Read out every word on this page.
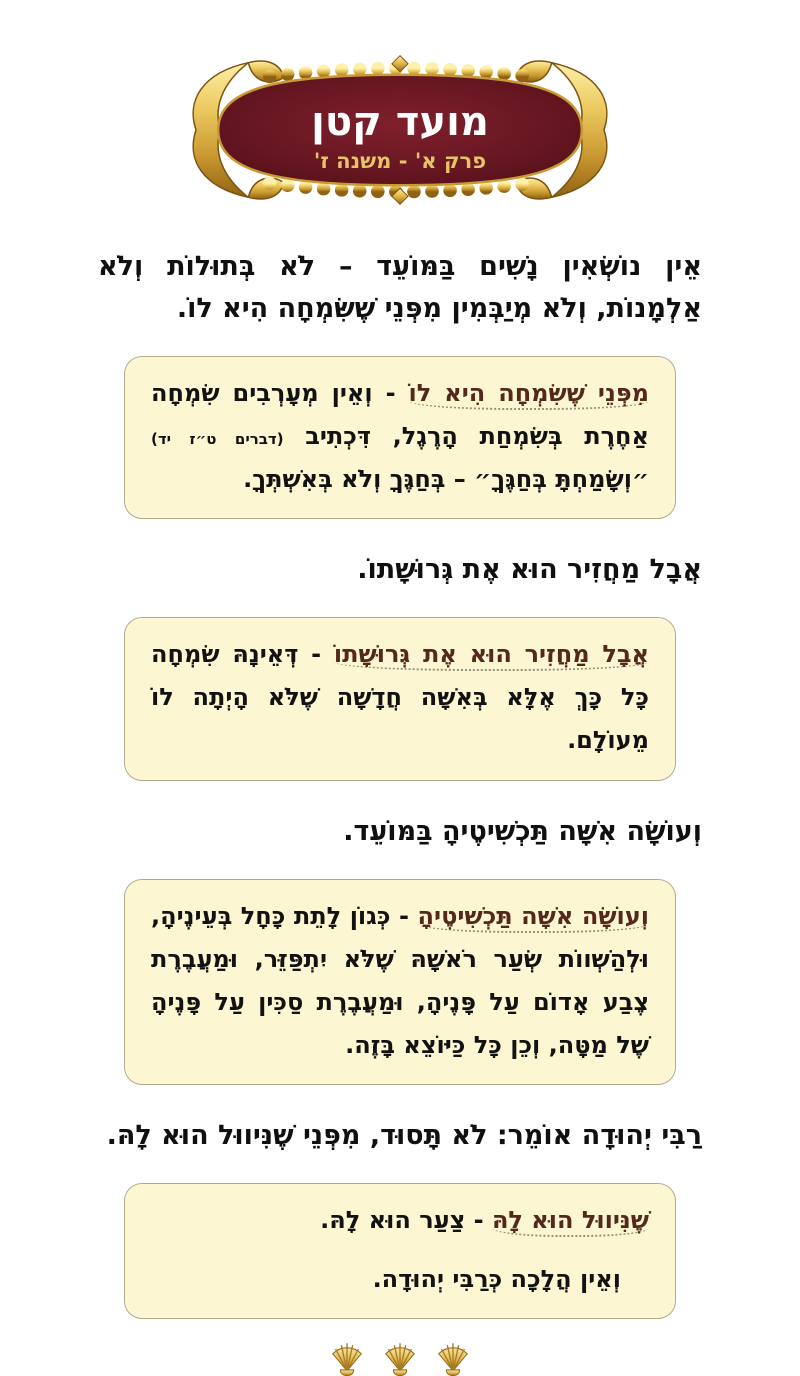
מועד קטן
פרק א' - משנה ז'

אֵין נוֹשְׂאִין נָשִׁים בַּמּוֹעֵד – לֹא בְּתוּלוֹת וְלֹא אַלְמָנוֹת, וְלֹא מְיַבְּמִין מִפְּנֵי שֶׁשִּׂמְחָה הִיא לוֹ.

מִפְּנֵי שֶׁשִּׂמְחָה הִיא לוֹ - וְאֵין מְעָרְבִים שִׂמְחָה אַחֶרֶת בְּשִׂמְחַת הָרֶגֶל, דִּכְתִיב (דברים ט״ז יד) ״וְשָׂמַחְתָּ בְּחַגֶּךָ״ – בְּחַגֶּךָ וְלֹא בְּאִשְׁתְּךָ.

אֲבָל מַחֲזִיר הוּא אֶת גְּרוּשָׁתוֹ.

אֲבָל מַחֲזִיר הוּא אֶת גְּרוּשָׁתוֹ - דְּאֵינָהּ שִׂמְחָה כָּל כָּךְ אֶלָּא בְּאִשָּׁה חֲדָשָׁה שֶׁלֹּא הָיְתָה לוֹ מֵעוֹלָם.

וְעוֹשָׂה אִשָּׁה תַּכְשִׁיטֶיהָ בַּמּוֹעֵד.

וְעוֹשָׂה אִשָּׁה תַּכְשִׁיטֶיהָ - כְּגוֹן לָתֵת כָּחָל בְּעֵינֶיהָ, וּלְהַשְׁווֹת שְׂעַר רֹאשָׁהּ שֶׁלֹּא יִתְפַּזֵּר, וּמַעֲבֶרֶת צֶבַע אָדוֹם עַל פָּנֶיהָ, וּמַעֲבֶרֶת סַכִּין עַל פָּנֶיהָ שֶׁל מַטָּה, וְכֵן כָּל כַּיּוֹצֵא בָּזֶה.

רַבִּי יְהוּדָה אוֹמֵר: לֹא תָּסוּד, מִפְּנֵי שֶׁנִּיווּל הוּא לָהּ.

שֶׁנִּיווּל הוּא לָהּ - צַעַר הוּא לָהּ.

וְאֵין הֲלָכָה כְּרַבִּי יְהוּדָה.
